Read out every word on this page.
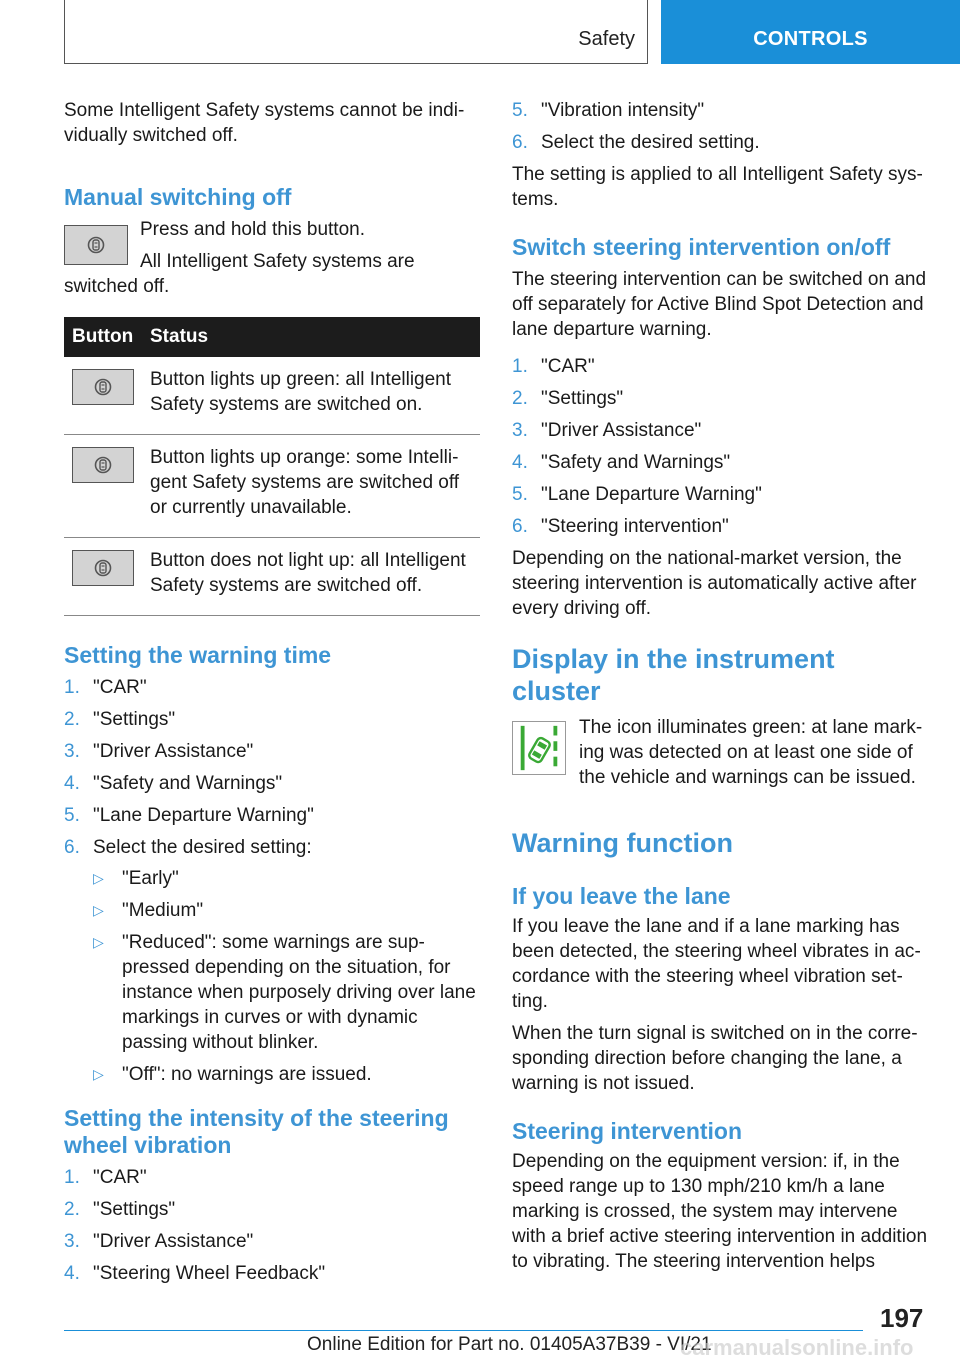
Safety	CONTROLS

Some Intelligent Safety systems cannot be individually switched off.

Manual switching off

Press and hold this button.

All Intelligent Safety systems are

switched off.

Button	Status

	Button lights up green: all Intelligent Safety systems are switched on.

	Button lights up orange: some Intelligent Safety systems are switched off or currently unavailable.

	Button does not light up: all Intelligent Safety systems are switched off.
Setting the warning time
1. "CAR"
2. "Settings"
3. "Driver Assistance"
4. "Safety and Warnings"
5. "Lane Departure Warning"
6. Select the desired setting:
▷ "Early"
▷ "Medium"
▷ "Reduced": some warnings are suppressed depending on the situation, for instance when purposely driving over lane markings in curves or with dynamic passing without blinker.
▷ "Off": no warnings are issued.
Setting the intensity of the steering wheel vibration
1. "CAR"
2. "Settings"
3. "Driver Assistance"
4. "Steering Wheel Feedback"
5. "Vibration intensity"
6. Select the desired setting.

The setting is applied to all Intelligent Safety systems.

Switch steering intervention on/off

The steering intervention can be switched on and off separately for Active Blind Spot Detection and lane departure warning.

1. "CAR"
2. "Settings"
3. "Driver Assistance"
4. "Safety and Warnings"
5. "Lane Departure Warning"
6. "Steering intervention"

Depending on the national-market version, the steering intervention is automatically active after every driving off.

Display in the instrument cluster

The icon illuminates green: at lane marking was detected on at least one side of the vehicle and warnings can be issued.

Warning function
If you leave the lane

If you leave the lane and if a lane marking has been detected, the steering wheel vibrates in accordance with the steering wheel vibration setting.

When the turn signal is switched on in the corresponding direction before changing the lane, a warning is not issued.

Steering intervention

Depending on the equipment version: if, in the speed range up to 130 mph/210 km/h a lane marking is crossed, the system may intervene with a brief active steering intervention in addition to vibrating. The steering intervention helps

197
Online Edition for Part no. 01405A37B39 - VI/21
carmanualsonline.info
